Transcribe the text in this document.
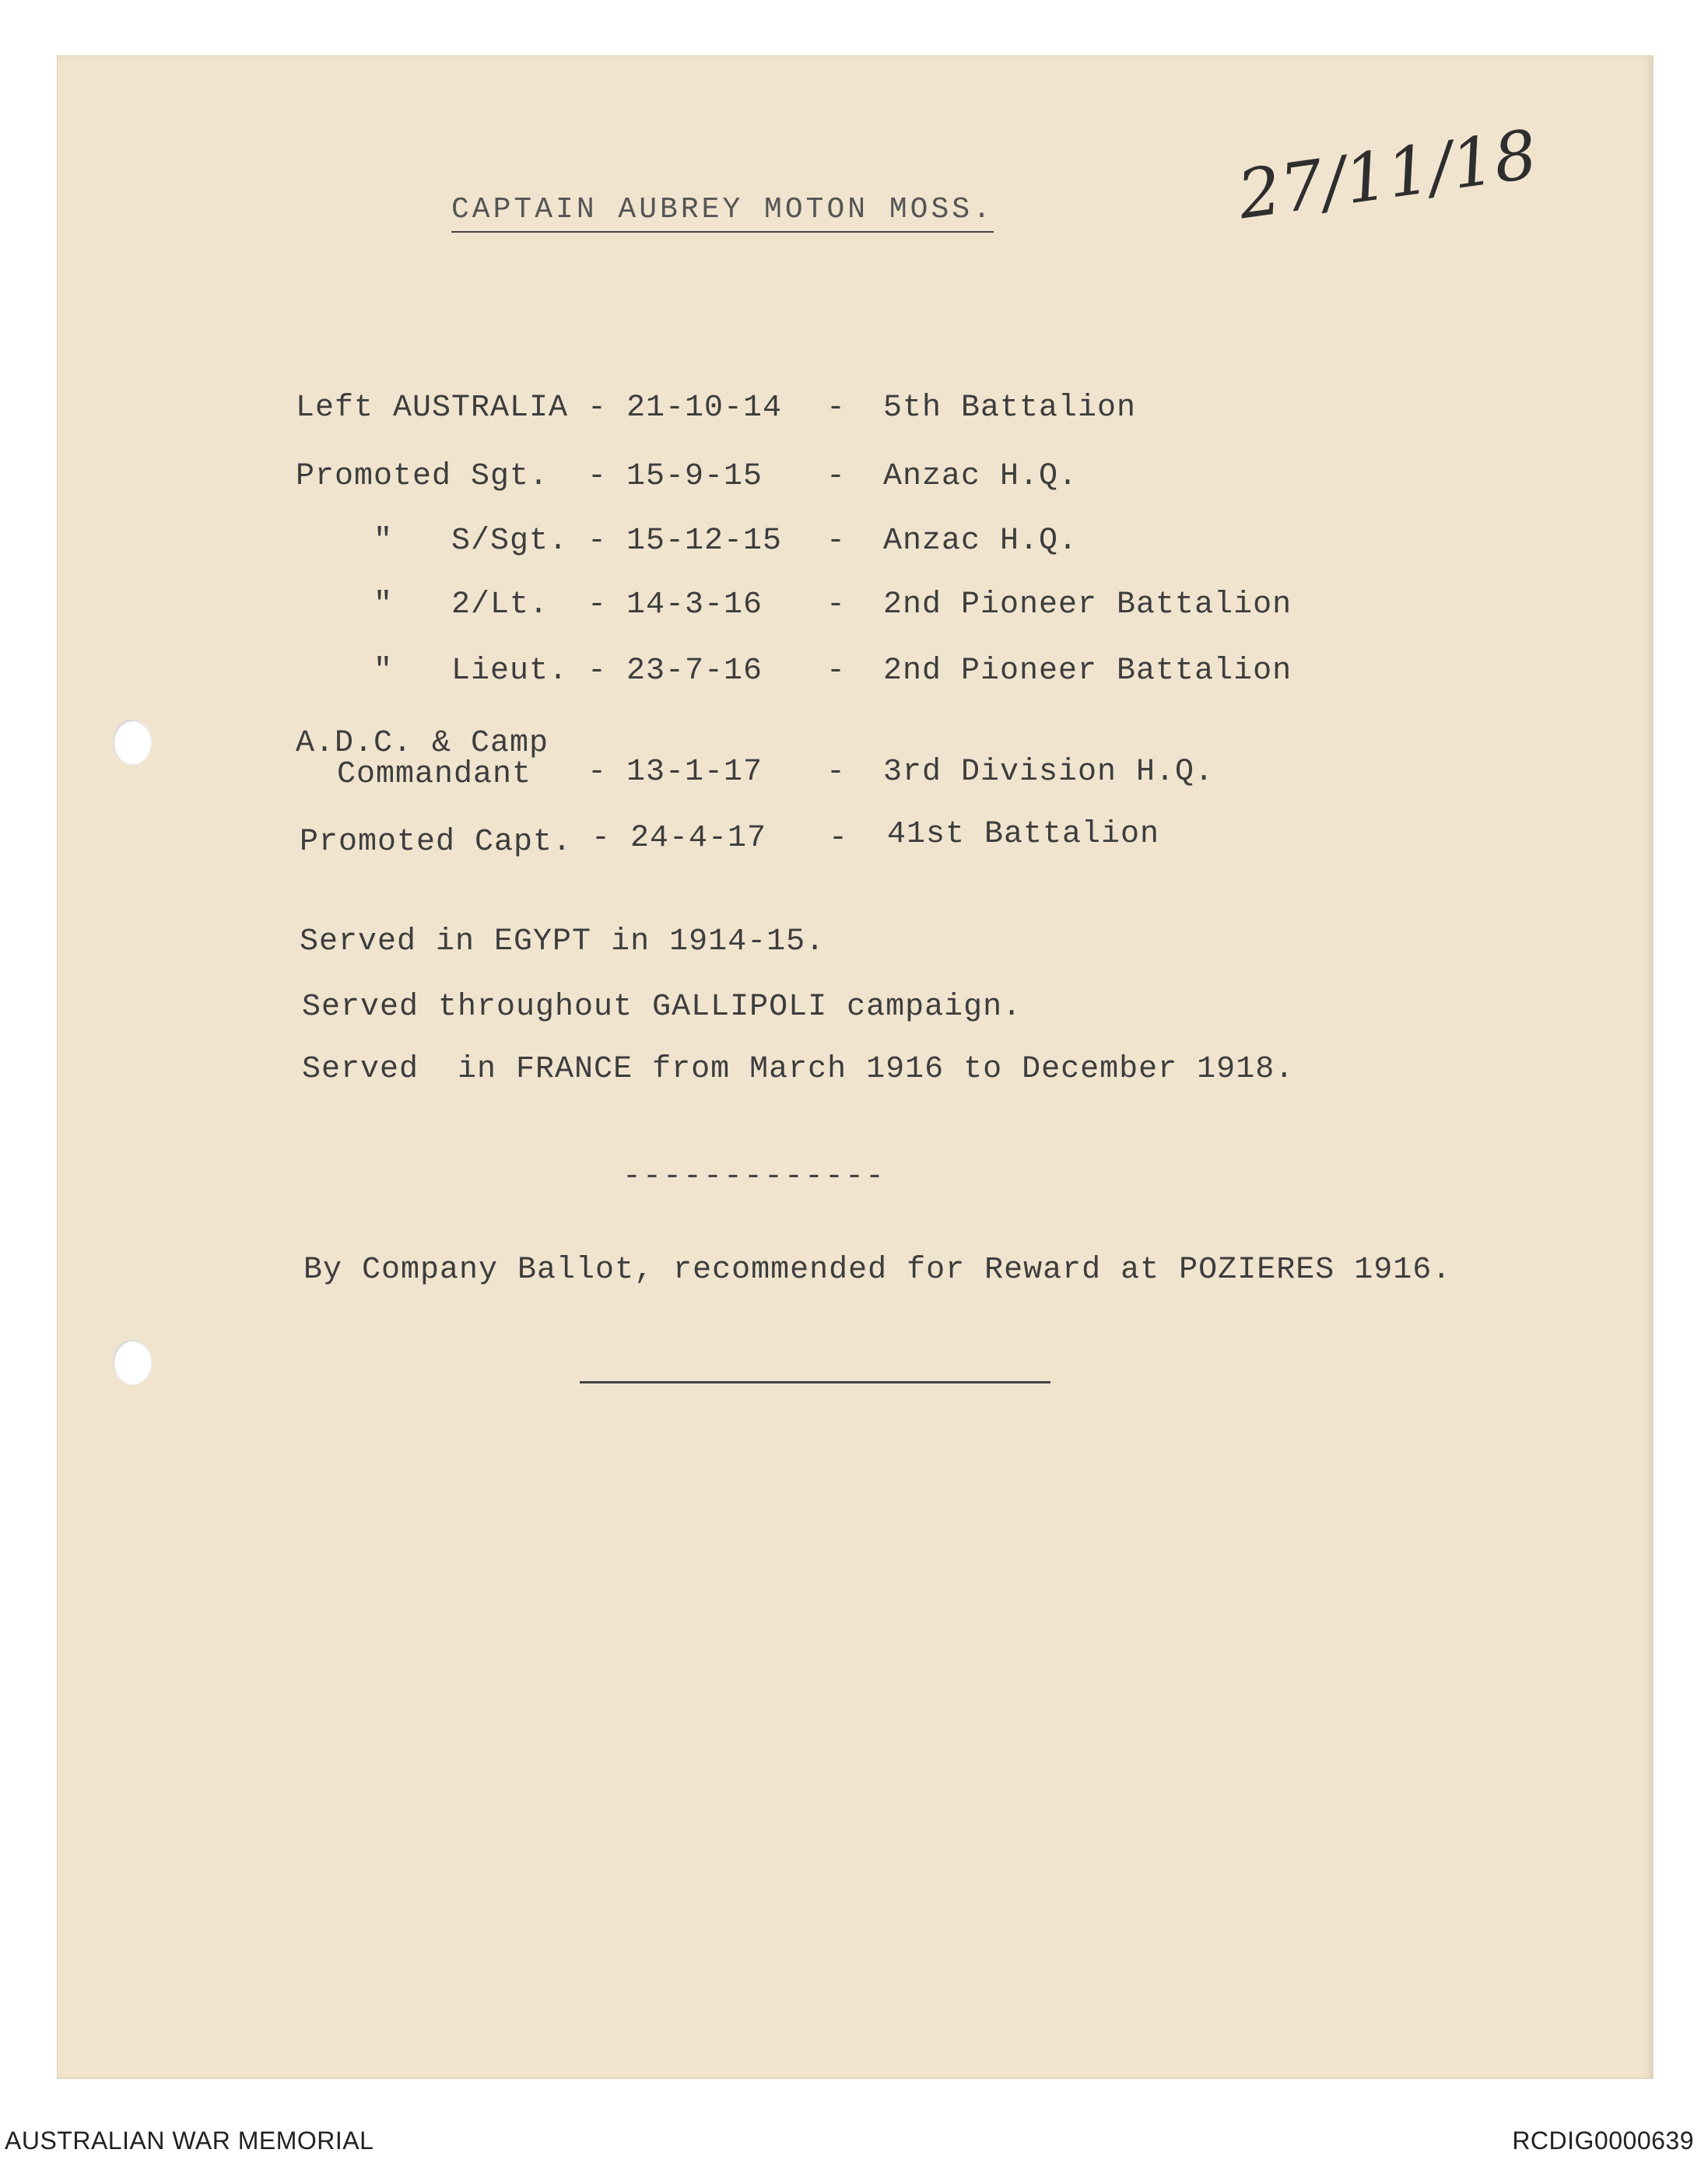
CAPTAIN AUBREY MOTON MOSS.	27/11/18
Left AUSTRALIA - 21-10-14 - 5th Battalion
Promoted Sgt. - 15-9-15 - Anzac H.Q.
" S/Sgt. - 15-12-15 - Anzac H.Q.
" 2/Lt. - 14-3-16 - 2nd Pioneer Battalion
" Lieut. - 23-7-16 - 2nd Pioneer Battalion
A.D.C. & Camp
Commandant - 13-1-17 - 3rd Division H.Q.
Promoted Capt. - 24-4-17 - 41st Battalion
Served in EGYPT in 1914-15.
Served throughout GALLIPOLI campaign.
Served  in FRANCE from March 1916 to December 1918.
-------------
By Company Ballot, recommended for Reward at POZIERES 1916.
AUSTRALIAN WAR MEMORIAL	RCDIG0000639
